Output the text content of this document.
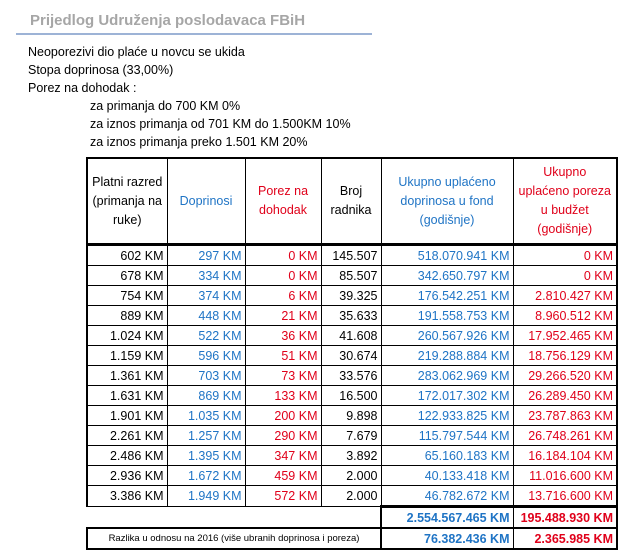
Prijedlog Udruženja poslodavaca FBiH
Neoporezivi dio plaće u novcu se ukida
Stopa doprinosa (33,00%)
Porez na dohodak :
za primanja do 700 KM 0%
za iznos primanja od 701 KM do 1.500KM 10%
za iznos primanja preko 1.501 KM 20%
Platni razred (primanja na ruke)	Doprinosi	Porez na dohodak	Broj radnika	Ukupno uplaćeno doprinosa u fond (godišnje)	Ukupno uplaćeno poreza u budžet (godišnje)
602 KM	297 KM	0 KM	145.507	518.070.941 KM	0 KM
678 KM	334 KM	0 KM	85.507	342.650.797 KM	0 KM
754 KM	374 KM	6 KM	39.325	176.542.251 KM	2.810.427 KM
889 KM	448 KM	21 KM	35.633	191.558.753 KM	8.960.512 KM
1.024 KM	522 KM	36 KM	41.608	260.567.926 KM	17.952.465 KM
1.159 KM	596 KM	51 KM	30.674	219.288.884 KM	18.756.129 KM
1.361 KM	703 KM	73 KM	33.576	283.062.969 KM	29.266.520 KM
1.631 KM	869 KM	133 KM	16.500	172.017.302 KM	26.289.450 KM
1.901 KM	1.035 KM	200 KM	9.898	122.933.825 KM	23.787.863 KM
2.261 KM	1.257 KM	290 KM	7.679	115.797.544 KM	26.748.261 KM
2.486 KM	1.395 KM	347 KM	3.892	65.160.183 KM	16.184.104 KM
2.936 KM	1.672 KM	459 KM	2.000	40.133.418 KM	11.016.600 KM
3.386 KM	1.949 KM	572 KM	2.000	46.782.672 KM	13.716.600 KM
				2.554.567.465 KM	195.488.930 KM
Razlika u odnosu na 2016 (više ubranih doprinosa i poreza)				76.382.436 KM	2.365.985 KM
